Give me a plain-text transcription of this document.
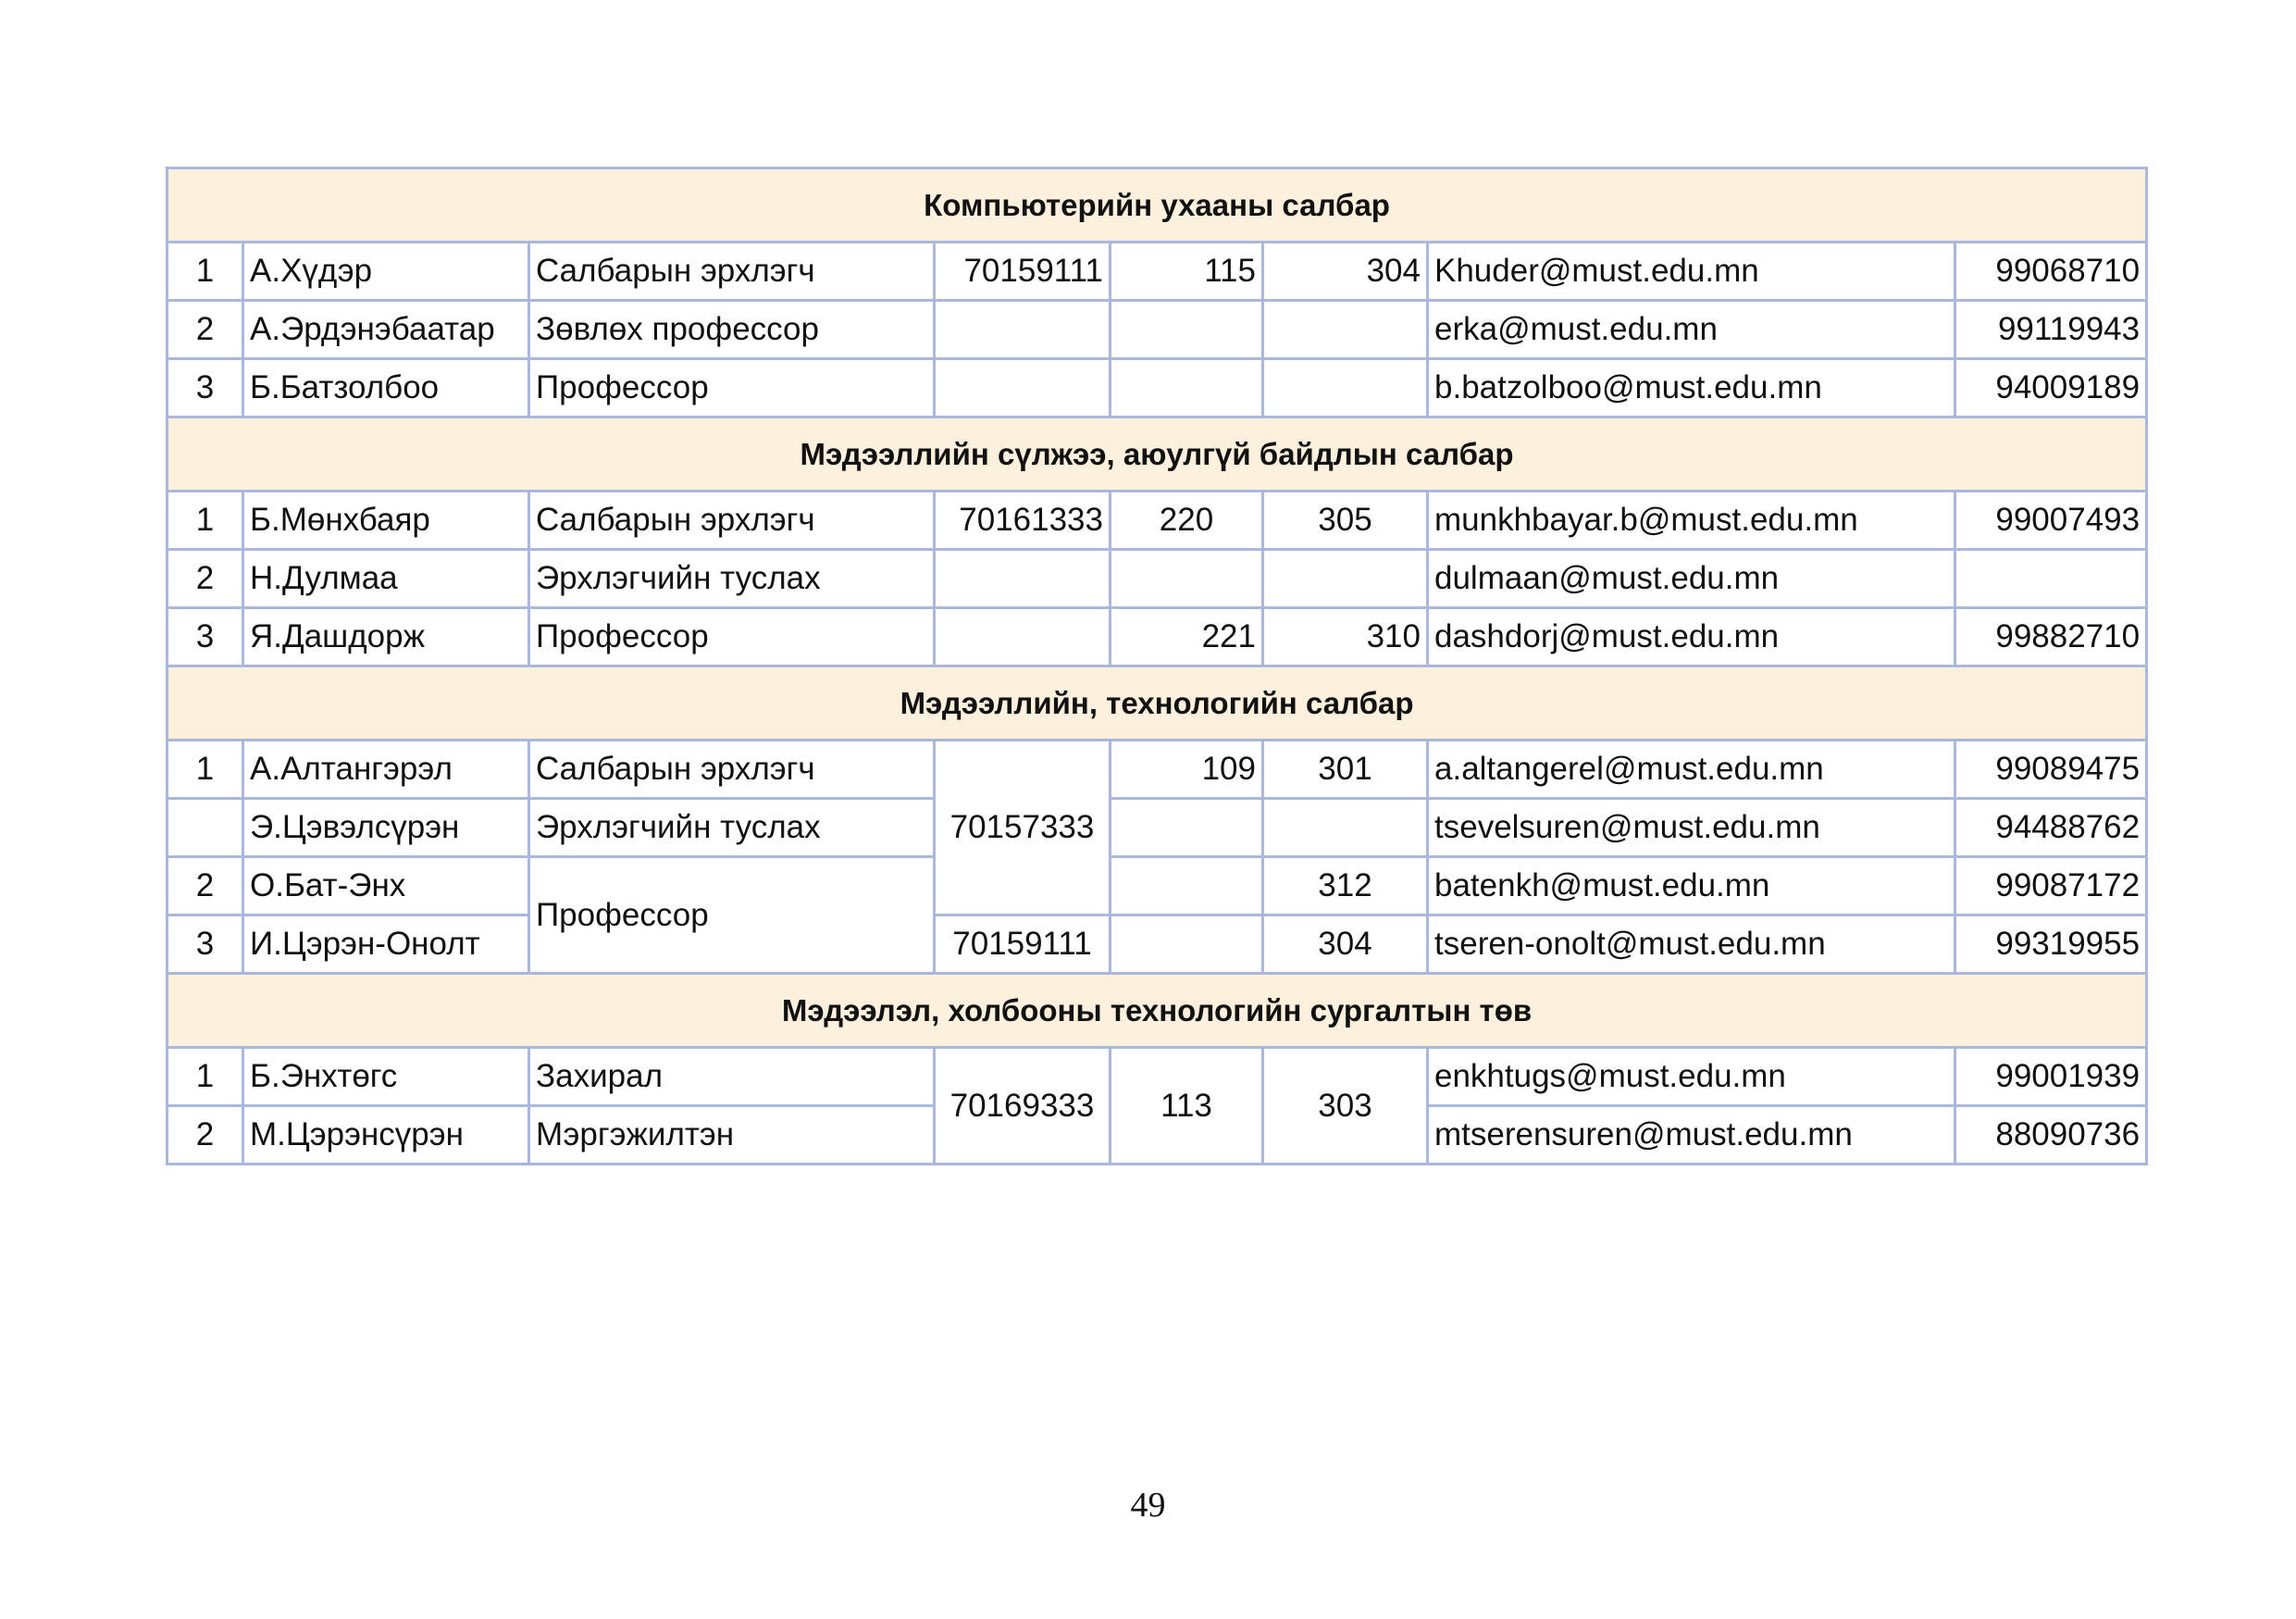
Компьютерийн ухааны салбар							
1	А.Хүдэр	Салбарын эрхлэгч	70159111	115	304	Khuder@must.edu.mn	99068710
2	А.Эрдэнэбаатар	Зөвлөх профессор				erka@must.edu.mn	99119943
3	Б.Батзолбоо	Профессор				b.batzolboo@must.edu.mn	94009189
Мэдээллийн сүлжээ, аюулгүй байдлын салбар							
1	Б.Мөнхбаяр	Салбарын эрхлэгч	70161333	220	305	munkhbayar.b@must.edu.mn	99007493
2	Н.Дулмаа	Эрхлэгчийн туслах				dulmaan@must.edu.mn	
3	Я.Дашдорж	Профессор		221	310	dashdorj@must.edu.mn	99882710
Мэдээллийн, технологийн салбар							
1	А.Алтангэрэл	Салбарын эрхлэгч	70157333	109	301	a.altangerel@must.edu.mn	99089475
	Э.Цэвэлсүрэн	Эрхлэгчийн туслах				tsevelsuren@must.edu.mn	94488762
2	О.Бат-Энх	Профессор			312	batenkh@must.edu.mn	99087172
3	И.Цэрэн-Онолт		70159111		304	tseren-onolt@must.edu.mn	99319955
Мэдээлэл, холбооны технологийн сургалтын төв							
1	Б.Энхтөгс	Захирал	70169333	113	303	enkhtugs@must.edu.mn	99001939
2	М.Цэрэнсүрэн	Мэргэжилтэн				mtserensuren@must.edu.mn	88090736
49
